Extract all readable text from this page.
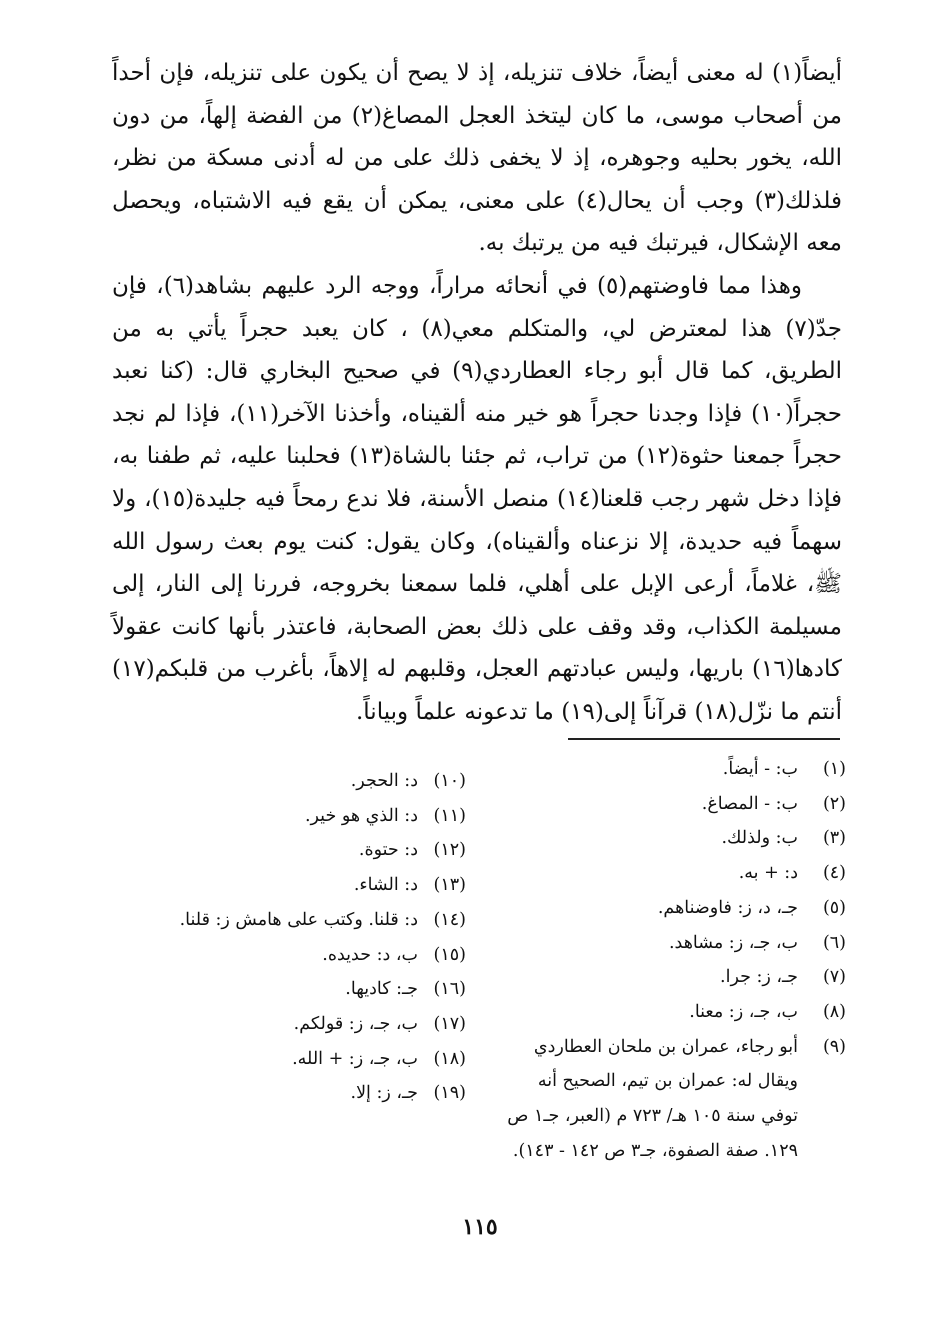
أيضاً(١) له معنى أيضاً، خلاف تنزيله، إذ لا يصح أن يكون على تنزيله، فإن أحداً من أصحاب موسى، ما كان ليتخذ العجل المصاغ(٢) من الفضة إلهاً، من دون الله، يخور بحليه وجوهره، إذ لا يخفى ذلك على من له أدنى مسكة من نظر، فلذلك(٣) وجب أن يحال(٤) على معنى، يمكن أن يقع فيه الاشتباه، ويحصل معه الإشكال، فيرتبك فيه من يرتبك به.

وهذا مما فاوضتهم(٥) في أنحائه مراراً، ووجه الرد عليهم بشاهد(٦)، فإن جدّ(٧) هذا لمعترض لي، والمتكلم معي(٨) ، كان يعبد حجراً يأتي به من الطريق، كما قال أبو رجاء العطاردي(٩) في صحيح البخاري قال: (كنا نعبد حجراً(١٠) فإذا وجدنا حجراً هو خير منه ألقيناه، وأخذنا الآخر(١١)، فإذا لم نجد حجراً جمعنا حثوة(١٢) من تراب، ثم جئنا بالشاة(١٣) فحلبنا عليه، ثم طفنا به، فإذا دخل شهر رجب قلعنا(١٤) منصل الأسنة، فلا ندع رمحاً فيه جليدة(١٥)، ولا سهماً فيه حديدة، إلا نزعناه وألقيناه)، وكان يقول: كنت يوم بعث رسول الله ﷺ، غلاماً، أرعى الإبل على أهلي، فلما سمعنا بخروجه، فررنا إلى النار، إلى مسيلمة الكذاب، وقد وقف على ذلك بعض الصحابة، فاعتذر بأنها كانت عقولاً كادها(١٦) باريها، وليس عبادتهم العجل، وقلبهم له إلاهاً، بأغرب من قلبكم(١٧) أنتم ما نزّل(١٨) قرآناً إلى(١٩) ما تدعونه علماً وبياناً.

(١)
ب: - أيضاً.
(٢)
ب: - المصاغ.
(٣)
ب: ولذلك.
(٤)
د: + به.
(٥)
جـ، د، ز: فاوضناهم.
(٦)
ب، جـ، ز: مشاهد.
(٧)
جـ، ز: جرا.
(٨)
ب، جـ، ز: معنا.
(٩)
أبو رجاء، عمران بن ملحان العطاردي ويقال له: عمران بن تيم، الصحيح أنه توفي سنة ١٠٥ هـ/ ٧٢٣ م (العبر، جـ١ ص ١٢٩. صفة الصفوة، جـ٣ ص ١٤٢ - ١٤٣).
(١٠)
د: الحجر.
(١١)
د: الذي هو خير.
(١٢)
د: حتوة.
(١٣)
د: الشاء.
(١٤)
د: قلنا. وكتب على هامش ز: قلنا.
(١٥)
ب، د: حديده.
(١٦)
جـ: كاديها.
(١٧)
ب، جـ، ز: قولكم.
(١٨)
ب، جـ، ز: + الله.
(١٩)
جـ، ز: إلا.
١١٥
